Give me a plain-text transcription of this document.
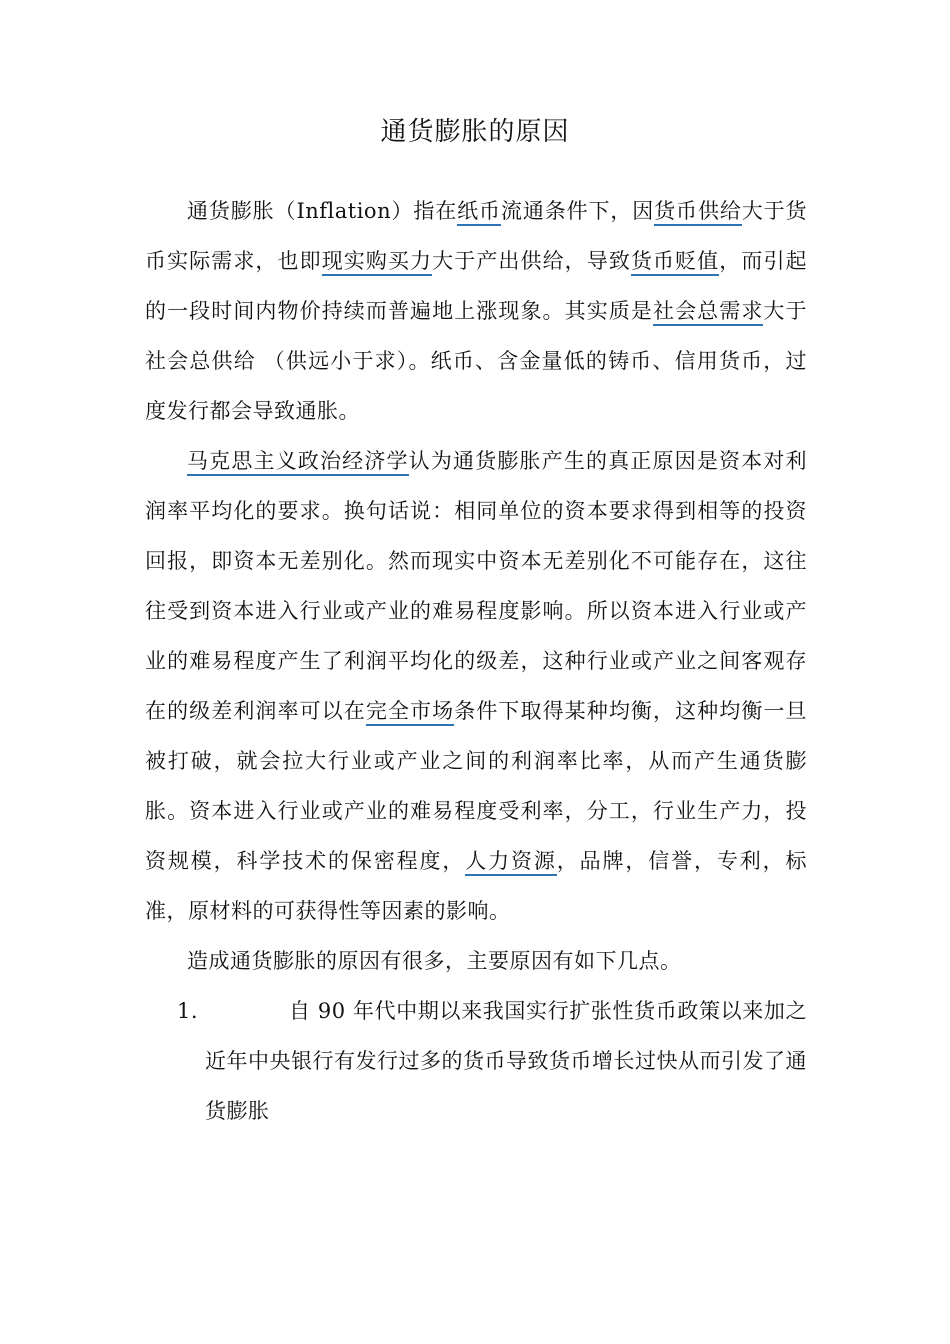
通货膨胀的原因

通货膨胀（Inflation）指在纸币流通条件下，因货币供给大于货币实际需求，也即现实购买力大于产出供给，导致货币贬值，而引起的一段时间内物价持续而普遍地上涨现象。其实质是社会总需求大于社会总供给 （供远小于求）。纸币、含金量低的铸币、信用货币，过度发行都会导致通胀。

马克思主义政治经济学认为通货膨胀产生的真正原因是资本对利润率平均化的要求。换句话说：相同单位的资本要求得到相等的投资回报，即资本无差别化。然而现实中资本无差别化不可能存在，这往往受到资本进入行业或产业的难易程度影响。所以资本进入行业或产业的难易程度产生了利润平均化的级差，这种行业或产业之间客观存在的级差利润率可以在完全市场条件下取得某种均衡，这种均衡一旦被打破，就会拉大行业或产业之间的利润率比率，从而产生通货膨胀。资本进入行业或产业的难易程度受利率，分工，行业生产力，投资规模，科学技术的保密程度，人力资源，品牌，信誉，专利，标准，原材料的可获得性等因素的影响。

造成通货膨胀的原因有很多，主要原因有如下几点。

1.	自 90 年代中期以来我国实行扩张性货币政策以来加之近年中央银行有发行过多的货币导致货币增长过快从而引发了通货膨胀
